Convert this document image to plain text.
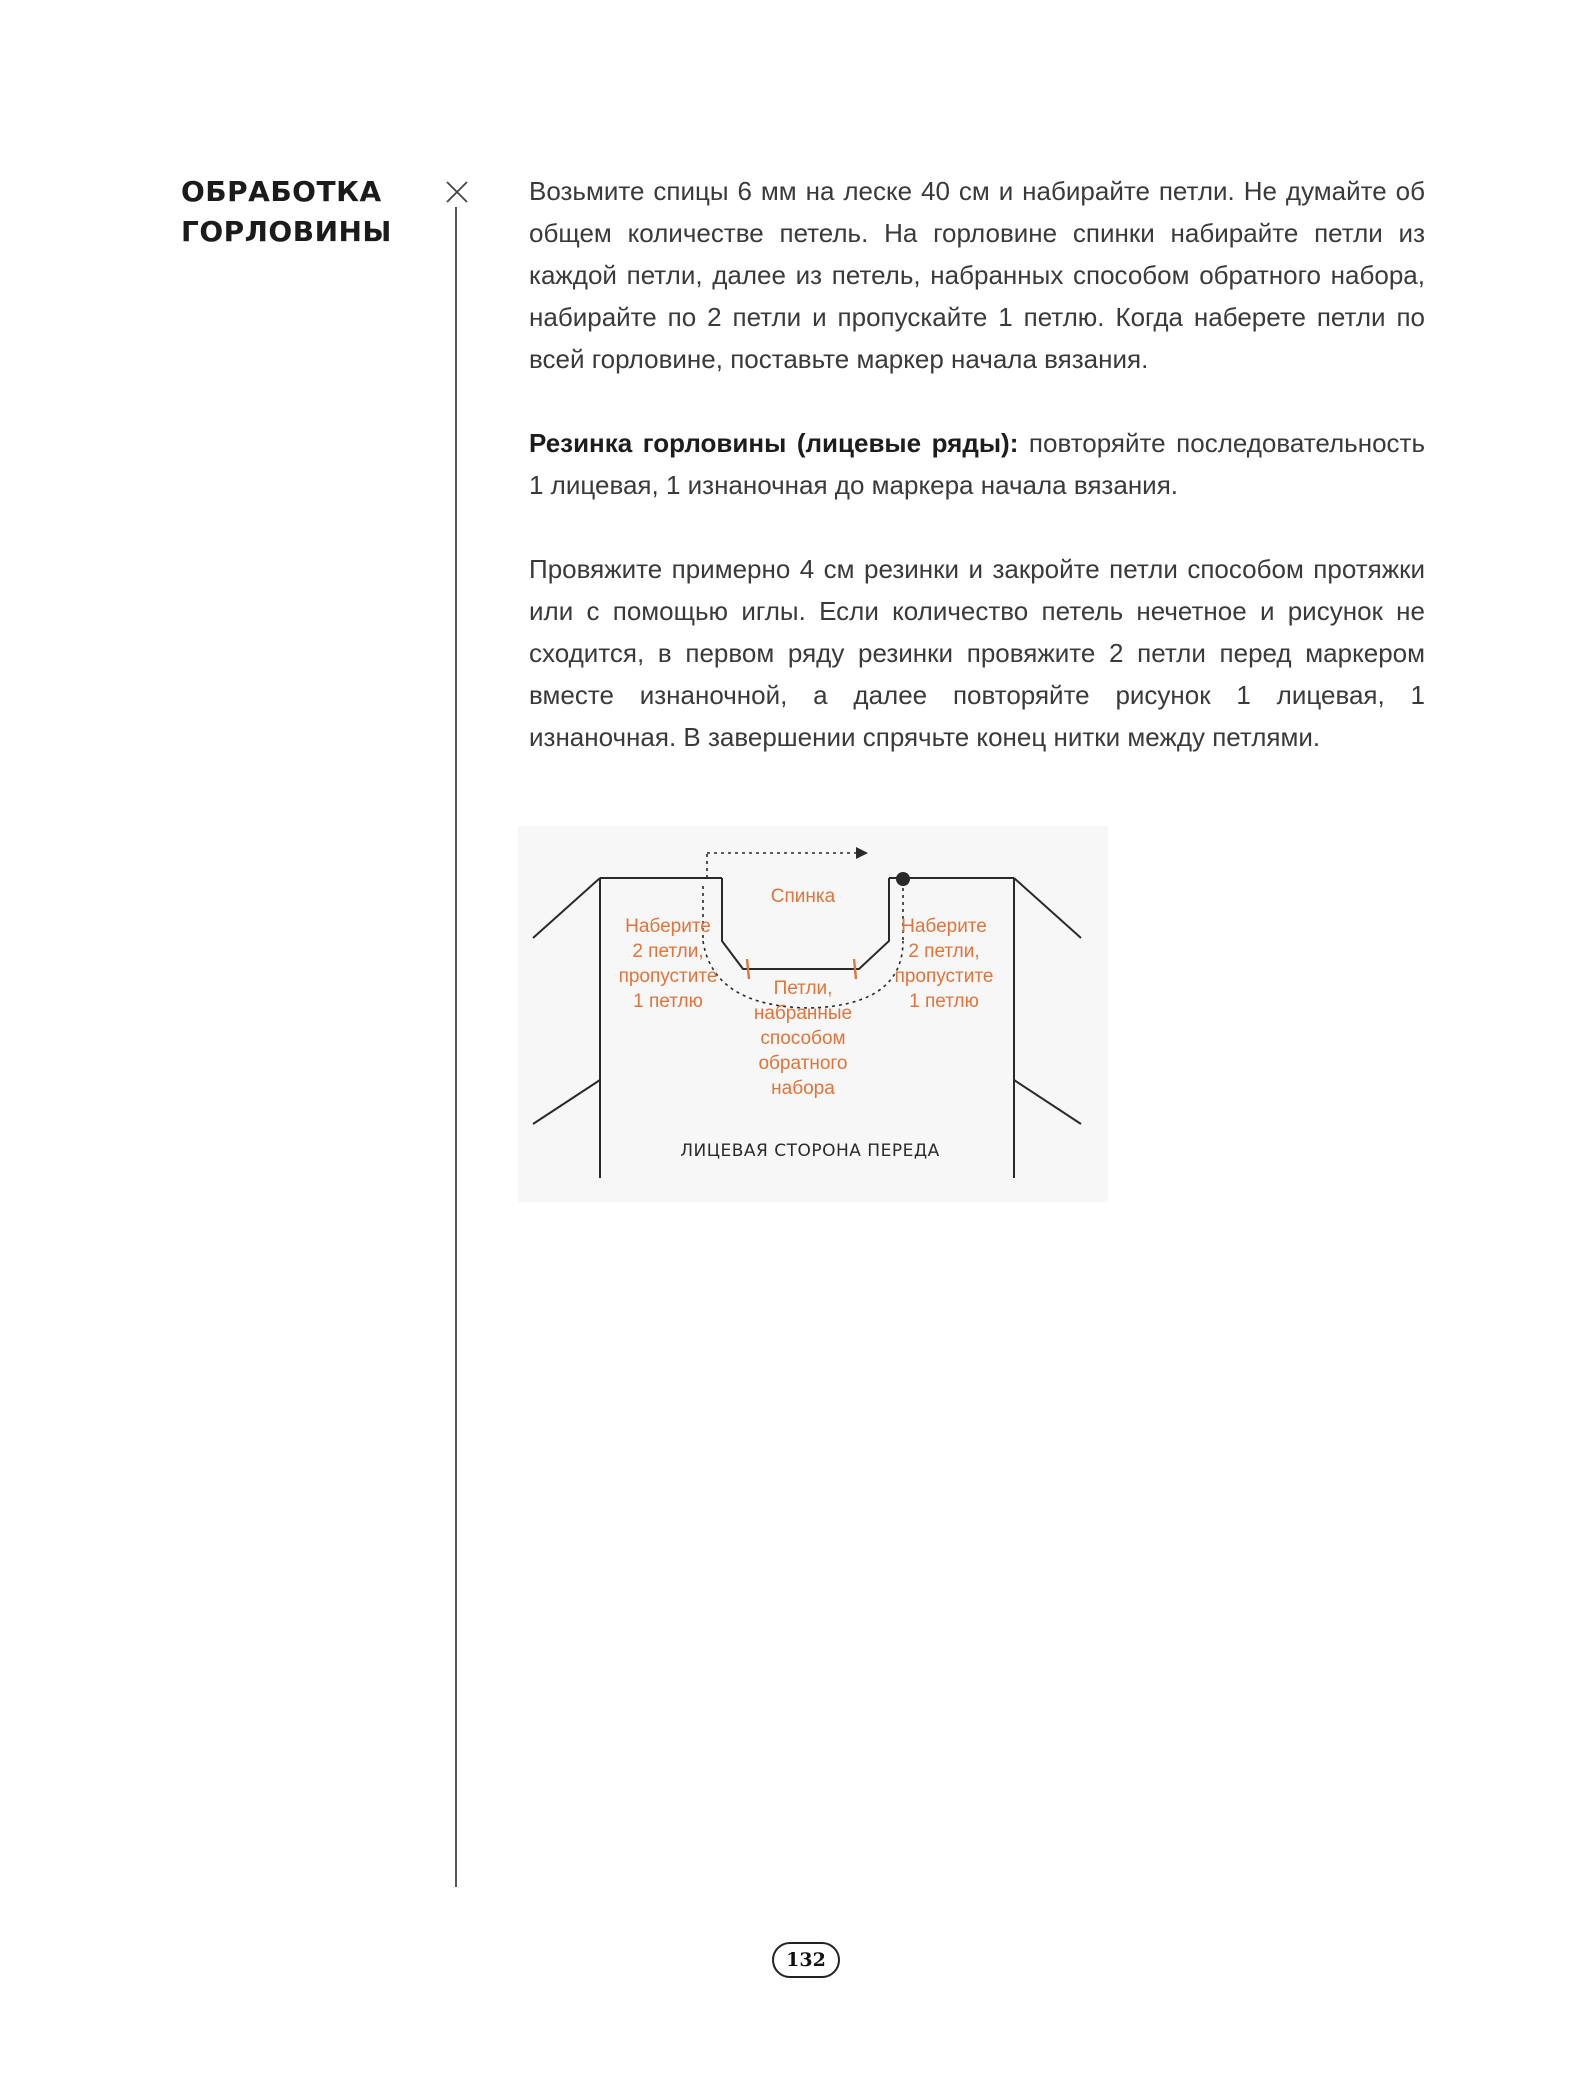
ОБРАБОТКА
ГОРЛОВИНЫ

Возьмите спицы 6 мм на леске 40 см и набирайте петли. Не думайте об общем количестве петель. На горловине спинки набирайте петли из каждой петли, далее из петель, набранных способом обратного набора, набирайте по 2 петли и пропускайте 1 петлю. Когда наберете петли по всей горловине, поставьте маркер начала вязания.

Резинка горловины (лицевые ряды): повторяйте последовательность 1 лицевая, 1 изнаночная до маркера начала вязания.

Провяжите примерно 4 см резинки и закройте петли способом протяжки или с помощью иглы. Если количество петель нечетное и рисунок не сходится, в первом ряду резинки провяжите 2 петли перед маркером вместе изнаночной, а далее повторяйте рисунок 1 лицевая, 1 изнаночная. В завершении спрячьте конец нитки между петлями.

Спинка
Наберите
2 петли,
пропустите
1 петлю
Наберите
2 петли,
пропустите
1 петлю
Петли,
набранные
способом
обратного
набора
ЛИЦЕВАЯ СТОРОНА ПЕРЕДА
132
